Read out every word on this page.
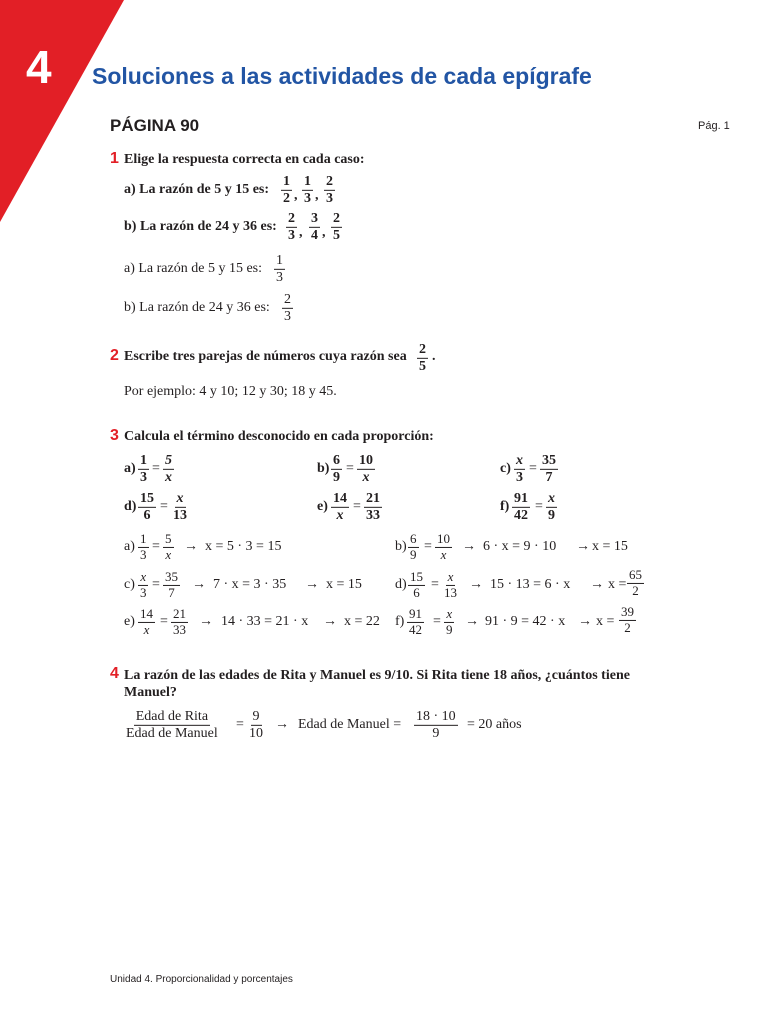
4 Soluciones a las actividades de cada epígrafe
PÁGINA 90	Pág. 1
1 Elige la respuesta correcta en cada caso:
a) La razón de 5 y 15 es:
1
2 ,
1
3 ,
2
3
b) La razón de 24 y 36 es:
2
3 ,
3
4 ,
2
5
a) La razón de 5 y 15 es:
1
3
b) La razón de 24 y 36 es:
2
3
2 Escribe tres parejas de números cuya razón sea 2
5
.
Por ejemplo: 4 y 10; 12 y 30; 18 y 45.
3 Calcula el término desconocido en cada proporción:
a)
1
3
=
5
x
b)
6
9
=
10
x
c)
x
3
=
35
7
d)
15
6
=
x
13
e)
14
x
=
21
33
f)
91
42
=
x
9
a)
1
3 =
5
x → x = 5 · 3 = 15	b)
6
9 =
10
x → 6 · x = 9 · 10 → x = 15
c)
x
3 =
35
7 → 7 · x = 3 · 35 → x = 15 d)
15
6 =
x
13 → 15 · 13 = 6 · x → x =
65
2
e)
14
x =
21
33 → 14 · 33 = 21 · x → x = 22 f)
91
42 =
x
9 → 91 · 9 = 42 · x → x =
39
2
4 La razón de las edades de Rita y Manuel es 9/10. Si Rita tiene 18 años, ¿cuántos tiene Manuel?
Edad de Rita
Edad de Manuel
=
9
10
→ Edad de Manuel =
18 · 10
9
= 20 años
Unidad 4. Proporcionalidad y porcentajes
